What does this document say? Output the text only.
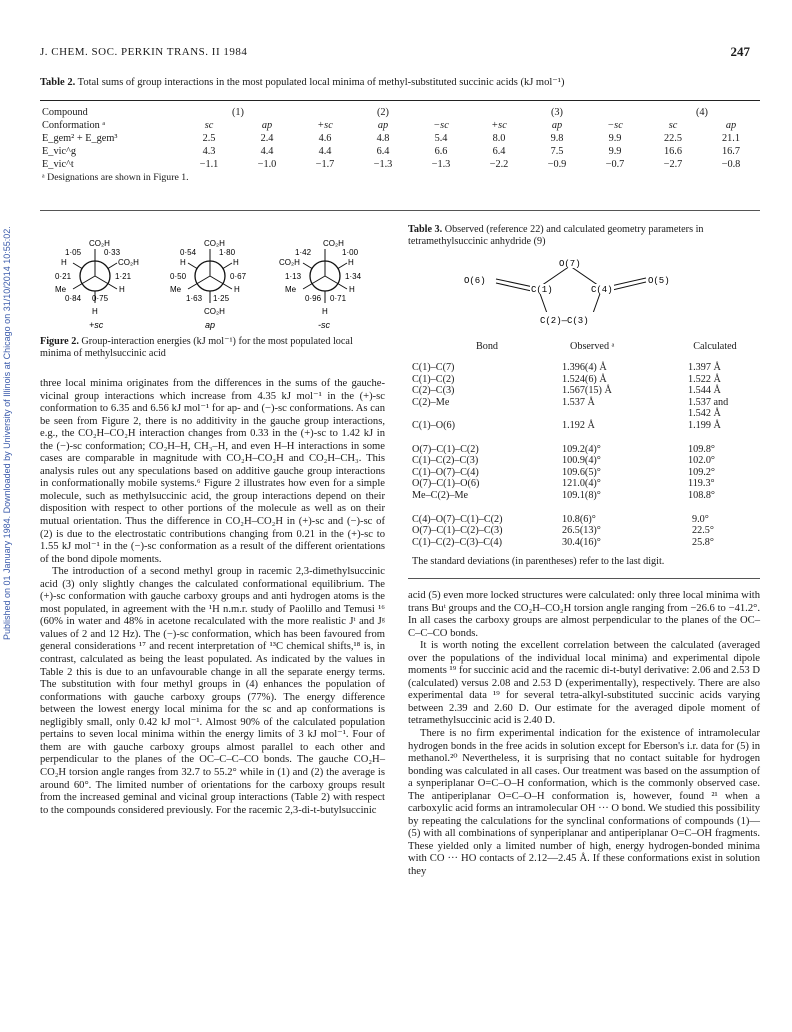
Published on 01 January 1984. Downloaded by University of Illinois at Chicago on 31/10/2014 10:55:02.
J. CHEM. SOC. PERKIN TRANS. II 1984	247
Table 2. Total sums of group interactions in the most populated local minima of methyl-substituted succinic acids (kJ mol⁻¹)
Compound	(1)		(2)			(3)			(4)	
Conformation ᵃ	sc	ap	+sc	ap	−sc	+sc	ap	−sc	sc	ap
E_gem² + E_gem³	2.5	2.4	4.6	4.8	5.4	8.0	9.8	9.9	22.5	21.1
E_vic^g	4.3	4.4	4.4	6.4	6.6	6.4	7.5	9.9	16.6	16.7
E_vic^t	−1.1	−1.0	−1.7	−1.3	−1.3	−2.2	−0.9	−0.7	−2.7	−0.8
ᵃ Designations are shown in Figure 1.										
CO₂H
H
H	CO₂H
Me	H
1·05	0·33
0·21	1·21
0·84 0·75
+sc
CO₂H
CO₂H
H	H
Me	H
0·54	1·80
0·50	0·67
1·63 1·25
ap
CO₂H
H
CO₂H	H
Me	H
1·42	1·00
1·13	1·34
0·96 0·71
-sc
Figure 2. Group-interaction energies (kJ mol⁻¹) for the most populated local minima of methylsuccinic acid

three local minima originates from the differences in the sums of the gauche-vicinal group interactions which increase from 4.35 kJ mol⁻¹ in the (+)-sc conformation to 6.35 and 6.56 kJ mol⁻¹ for ap- and (−)-sc conformations. As can be seen from Figure 2, there is no additivity in the gauche group interactions, e.g., the CO₂H–CO₂H interaction changes from 0.33 in the (+)-sc to 1.42 kJ in the (−)-sc conformation; CO₂H–H, CH₃–H, and even H–H interactions in some cases are comparable in magnitude with CO₂H–CO₂H and CO₂H–CH₃. This analysis rules out any speculations based on additive gauche group interactions in conformationally mobile systems.⁶ Figure 2 illustrates how even for a simple molecule, such as methylsuccinic acid, the group interactions depend on their disposition with respect to other portions of the molecule as well as on their mutual orientation. Thus the difference in CO₂H–CO₂H in (+)-sc and (−)-sc of (2) is due to the electrostatic contributions changing from 0.21 in the (+)-sc to 1.55 kJ mol⁻¹ in the (−)-sc conformation as a result of the different orientations of the bond dipole moments.

The introduction of a second methyl group in racemic 2,3-dimethylsuccinic acid (3) only slightly changes the calculated conformational equilibrium. The (+)-sc conformation with gauche carboxy groups and anti hydrogen atoms is the most populated, in agreement with the ¹H n.m.r. study of Paolillo and Temusi ¹⁶ (60% in water and 48% in acetone recalculated with the more realistic Jᵗ and Jᵍ values of 2 and 12 Hz). The (−)-sc conformation, which has been favoured from general considerations ¹⁷ and recent interpretation of ¹³C chemical shifts,¹⁸ is, in contrast, calculated as being the least populated. As indicated by the values in Table 2 this is due to an unfavourable change in all the separate energy terms. The substitution with four methyl groups in (4) enhances the population of conformations with gauche carboxy groups (77%). The energy difference between the lowest energy local minima for the sc and ap conformations is negligibly small, only 0.42 kJ mol⁻¹. Almost 90% of the calculated population pertains to seven local minima within the energy limits of 3 kJ mol⁻¹. Four of them are with gauche carboxy groups almost parallel to each other and perpendicular to the planes of the OC–C–C–CO bonds. The gauche CO₂H–CO₂H torsion angle ranges from 32.7 to 55.2° while in (1) and (2) the average is around 60°. The limited number of orientations for the carboxy groups result from the increased geminal and vicinal group interactions (Table 2) with respect to the compounds considered previously. For the racemic 2,3-di-t-butylsuccinic

Table 3. Observed (reference 22) and calculated geometry parameters in tetramethylsuccinic anhydride (9)
O(7)
O(6)
C(1)	C(4)
O(5)
C(2)—C(3)
Bond	Observed ᵃ	Calculated

C(1)–C(7)	1.396(4) Å	1.397 Å
C(1)–C(2)	1.524(6) Å	1.522 Å
C(2)–C(3)	1.567(15) Å	1.544 Å
C(2)–Me	1.537 Å	1.537 and
		1.542 Å
C(1)–O(6)	1.192 Å	1.199 Å

O(7)–C(1)–C(2)	109.2(4)°	109.8°
C(1)–C(2)–C(3)	100.9(4)°	102.0°
C(1)–O(7)–C(4)	109.6(5)°	109.2°
O(7)–C(1)–O(6)	121.0(4)°	119.3°
Me–C(2)–Me	109.1(8)°	108.8°

C(4)–O(7)–C(1)–C(2)	10.8(6)°	9.0°
O(7)–C(1)–C(2)–C(3)	26.5(13)°	22.5°
C(1)–C(2)–C(3)–C(4)	30.4(16)°	25.8°
The standard deviations (in parentheses) refer to the last digit.

acid (5) even more locked structures were calculated: only three local minima with trans Buᵗ groups and the CO₂H–CO₂H torsion angle ranging from −26.6 to −41.2°. In all cases the carboxy groups are almost perpendicular to the planes of the OC–C–C–CO bonds.

It is worth noting the excellent correlation between the calculated (averaged over the populations of the individual local minima) and experimental dipole moments ¹⁹ for succinic acid and the racemic di-t-butyl derivative: 2.06 and 2.53 D (calculated) versus 2.08 and 2.53 D (experimentally), respectively. There are also experimental data ¹⁹ for several tetra-alkyl-substituted succinic acids varying between 2.39 and 2.60 D. Our estimate for the averaged dipole moment of tetramethylsuccinic acid is 2.40 D.

There is no firm experimental indication for the existence of intramolecular hydrogen bonds in the free acids in solution except for Eberson's i.r. data for (5) in methanol.²⁰ Nevertheless, it is surprising that no contact suitable for hydrogen bonding was calculated in all cases. Our treatment was based on the assumption of a synperiplanar O=C–O–H conformation, which is the commonly observed case. The antiperiplanar O=C–O–H conformation is, however, found ²¹ when a carboxylic acid forms an intramolecular OH ··· O bond. We studied this possibility by repeating the calculations for the synclinal conformations of compounds (1)—(5) with all combinations of synperiplanar and antiperiplanar O=C–OH fragments. These yielded only a limited number of high, energy hydrogen-bonded minima with CO ··· HO contacts of 2.12—2.45 Å. If these conformations exist in solution they
